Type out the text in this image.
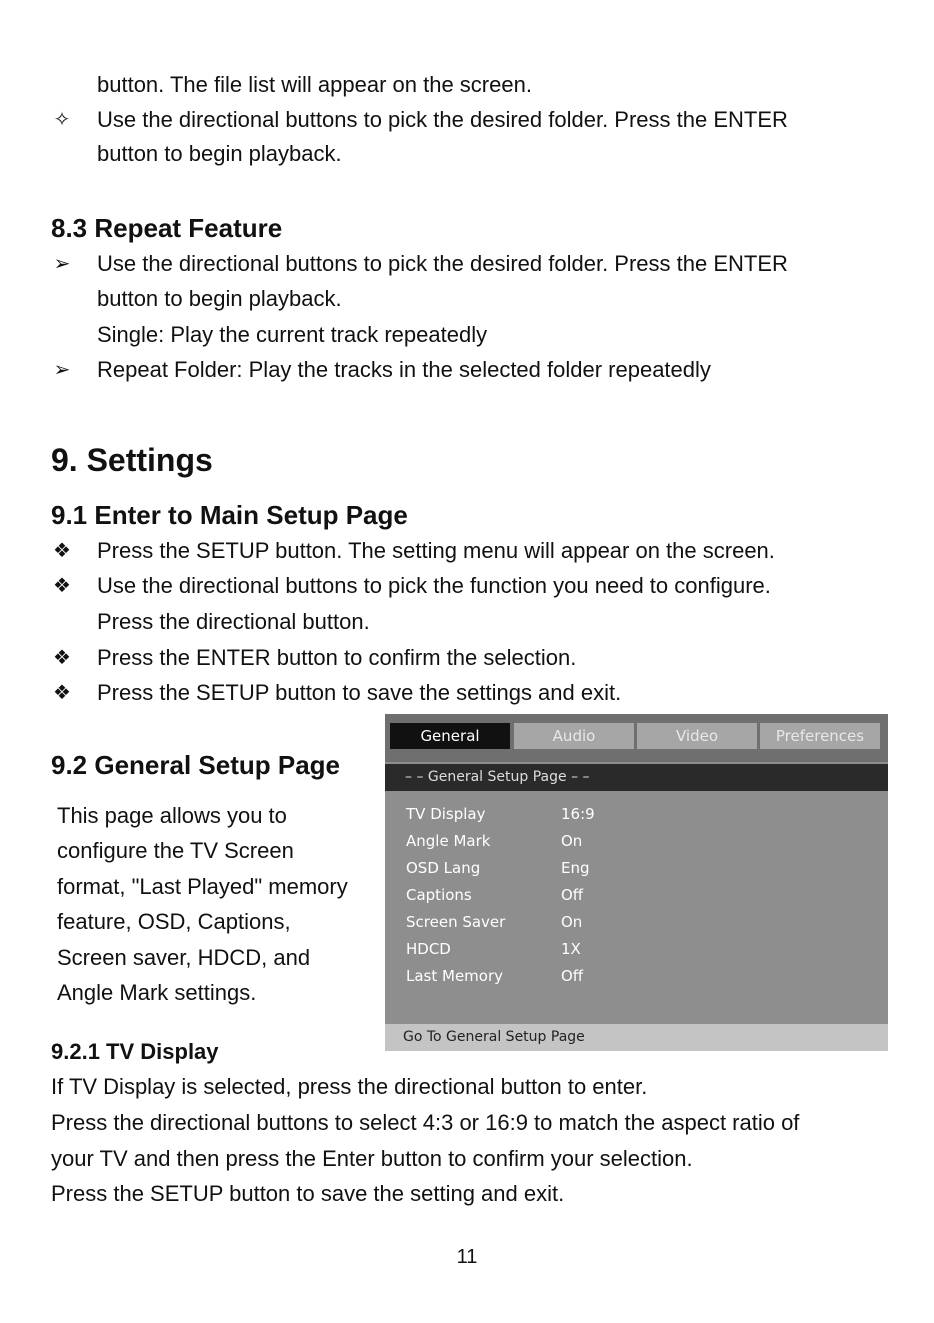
button. The file list will appear on the screen.
✧ Use the directional buttons to pick the desired folder. Press the ENTER
button to begin playback.
8.3 Repeat Feature
➢ Use the directional buttons to pick the desired folder. Press the ENTER
button to begin playback.
Single: Play the current track repeatedly
➢ Repeat Folder: Play the tracks in the selected folder repeatedly
9. Settings
9.1 Enter to Main Setup Page
❖ Press the SETUP button. The setting menu will appear on the screen.
❖ Use the directional buttons to pick the function you need to configure.
Press the directional button.
❖ Press the ENTER button to confirm the selection.
❖ Press the SETUP button to save the settings and exit.
9.2 General Setup Page
This page allows you to
configure the TV Screen
format, "Last Played" memory
feature, OSD, Captions,
Screen saver, HDCD, and
Angle Mark settings.
General	Audio	Video	Preferences
– – General Setup Page – –
TV Display	16:9
Angle Mark	On
OSD Lang	Eng
Captions	Off
Screen Saver	On
HDCD	1X
Last Memory	Off
Go To General Setup Page
9.2.1 TV Display
If TV Display is selected, press the directional button to enter.
Press the directional buttons to select 4:3 or 16:9 to match the aspect ratio of
your TV and then press the Enter button to confirm your selection.
Press the SETUP button to save the setting and exit.
11
